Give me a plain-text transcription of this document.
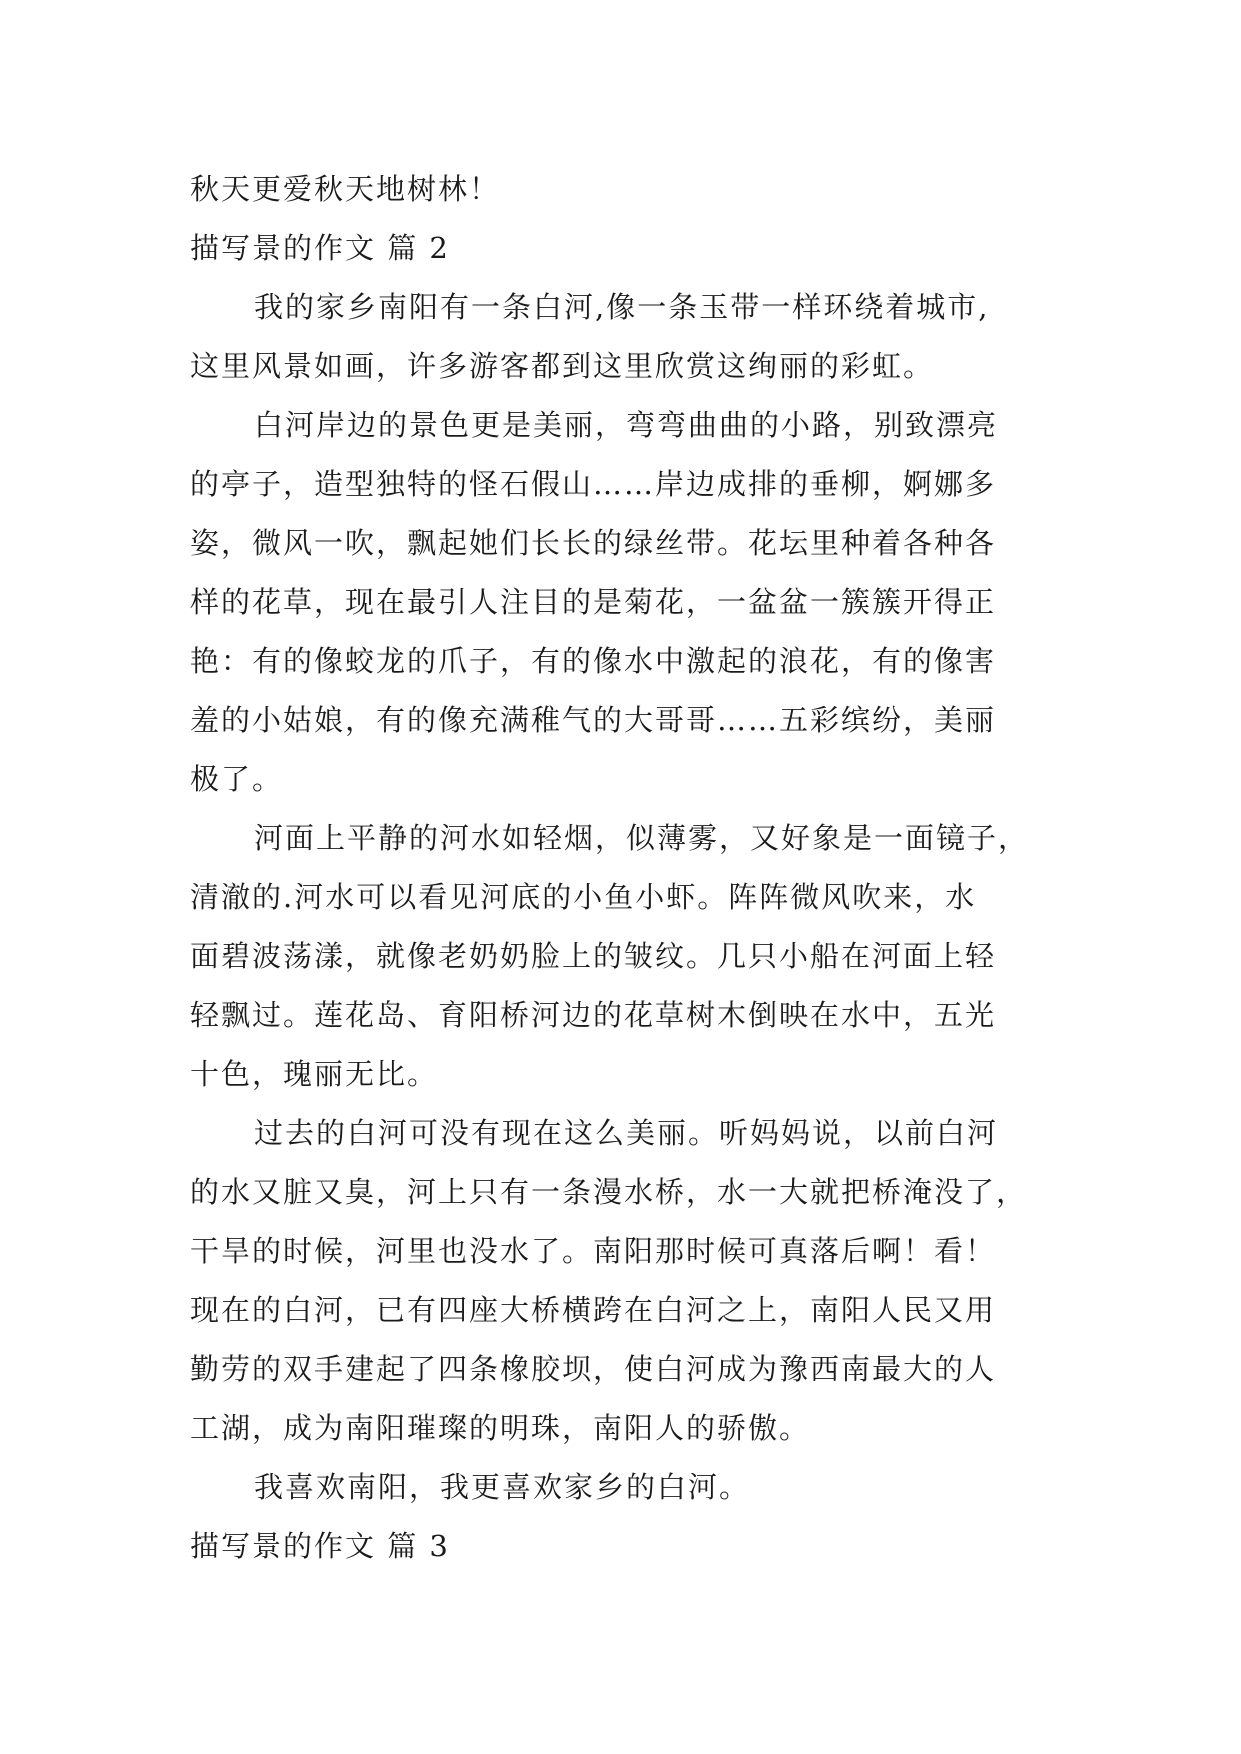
秋天更爱秋天地树林！
描写景的作文 篇 2
我的家乡南阳有一条白河,像一条玉带一样环绕着城市,
这里风景如画，许多游客都到这里欣赏这绚丽的彩虹。
白河岸边的景色更是美丽，弯弯曲曲的小路，别致漂亮
的亭子，造型独特的怪石假山……岸边成排的垂柳，婀娜多
姿，微风一吹，飘起她们长长的绿丝带。花坛里种着各种各
样的花草，现在最引人注目的是菊花，一盆盆一簇簇开得正
艳：有的像蛟龙的爪子，有的像水中激起的浪花，有的像害
羞的小姑娘，有的像充满稚气的大哥哥……五彩缤纷，美丽
极了。
河面上平静的河水如轻烟，似薄雾，又好象是一面镜子，
清澈的.河水可以看见河底的小鱼小虾。阵阵微风吹来，水
面碧波荡漾，就像老奶奶脸上的皱纹。几只小船在河面上轻
轻飘过。莲花岛、育阳桥河边的花草树木倒映在水中，五光
十色，瑰丽无比。
过去的白河可没有现在这么美丽。听妈妈说，以前白河
的水又脏又臭，河上只有一条漫水桥，水一大就把桥淹没了，
干旱的时候，河里也没水了。南阳那时候可真落后啊！看！
现在的白河，已有四座大桥横跨在白河之上，南阳人民又用
勤劳的双手建起了四条橡胶坝，使白河成为豫西南最大的人
工湖，成为南阳璀璨的明珠，南阳人的骄傲。
我喜欢南阳，我更喜欢家乡的白河。
描写景的作文 篇 3
